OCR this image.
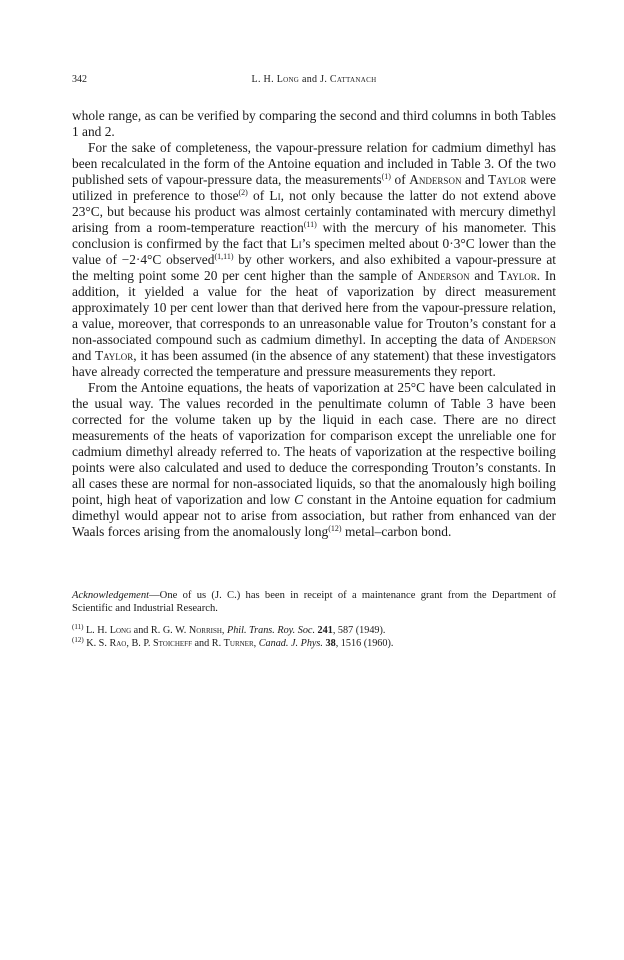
342	L. H. Long and J. Cattanach

whole range, as can be verified by comparing the second and third columns in both Tables 1 and 2.

For the sake of completeness, the vapour-pressure relation for cadmium dimethyl has been recalculated in the form of the Antoine equation and included in Table 3. Of the two published sets of vapour-pressure data, the measurements$^{(1)}$ of Anderson and Taylor were utilized in preference to those$^{(2)}$ of Li, not only because the latter do not extend above 23°C, but because his product was almost certainly contaminated with mercury dimethyl arising from a room-temperature reaction$^{(11)}$ with the mercury of his manometer. This conclusion is confirmed by the fact that Li’s specimen melted about 0·3°C lower than the value of −2·4°C observed$^{(1,11)}$ by other workers, and also exhibited a vapour-pressure at the melting point some 20 per cent higher than the sample of Anderson and Taylor. In addition, it yielded a value for the heat of vaporization by direct measurement approximately 10 per cent lower than that derived here from the vapour-pressure relation, a value, moreover, that corresponds to an unreasonable value for Trouton’s constant for a non-associated compound such as cadmium dimethyl. In accepting the data of Anderson and Taylor, it has been assumed (in the absence of any statement) that these investigators have already corrected the temperature and pressure measurements they report.

From the Antoine equations, the heats of vaporization at 25°C have been calculated in the usual way. The values recorded in the penultimate column of Table 3 have been corrected for the volume taken up by the liquid in each case. There are no direct measurements of the heats of vaporization for comparison except the unreliable one for cadmium dimethyl already referred to. The heats of vaporization at the respective boiling points were also calculated and used to deduce the corresponding Trouton’s constants. In all cases these are normal for non-associated liquids, so that the anomalously high boiling point, high heat of vaporization and low C constant in the Antoine equation for cadmium dimethyl would appear not to arise from association, but rather from enhanced van der Waals forces arising from the anomalously long$^{(12)}$ metal–carbon bond.

Acknowledgement—One of us (J. C.) has been in receipt of a maintenance grant from the Department of Scientific and Industrial Research.
$^{(11)}$ L. H. Long and R. G. W. Norrish, Phil. Trans. Roy. Soc. 241, 587 (1949).
$^{(12)}$ K. S. Rao, B. P. Stoicheff and R. Turner, Canad. J. Phys. 38, 1516 (1960).
